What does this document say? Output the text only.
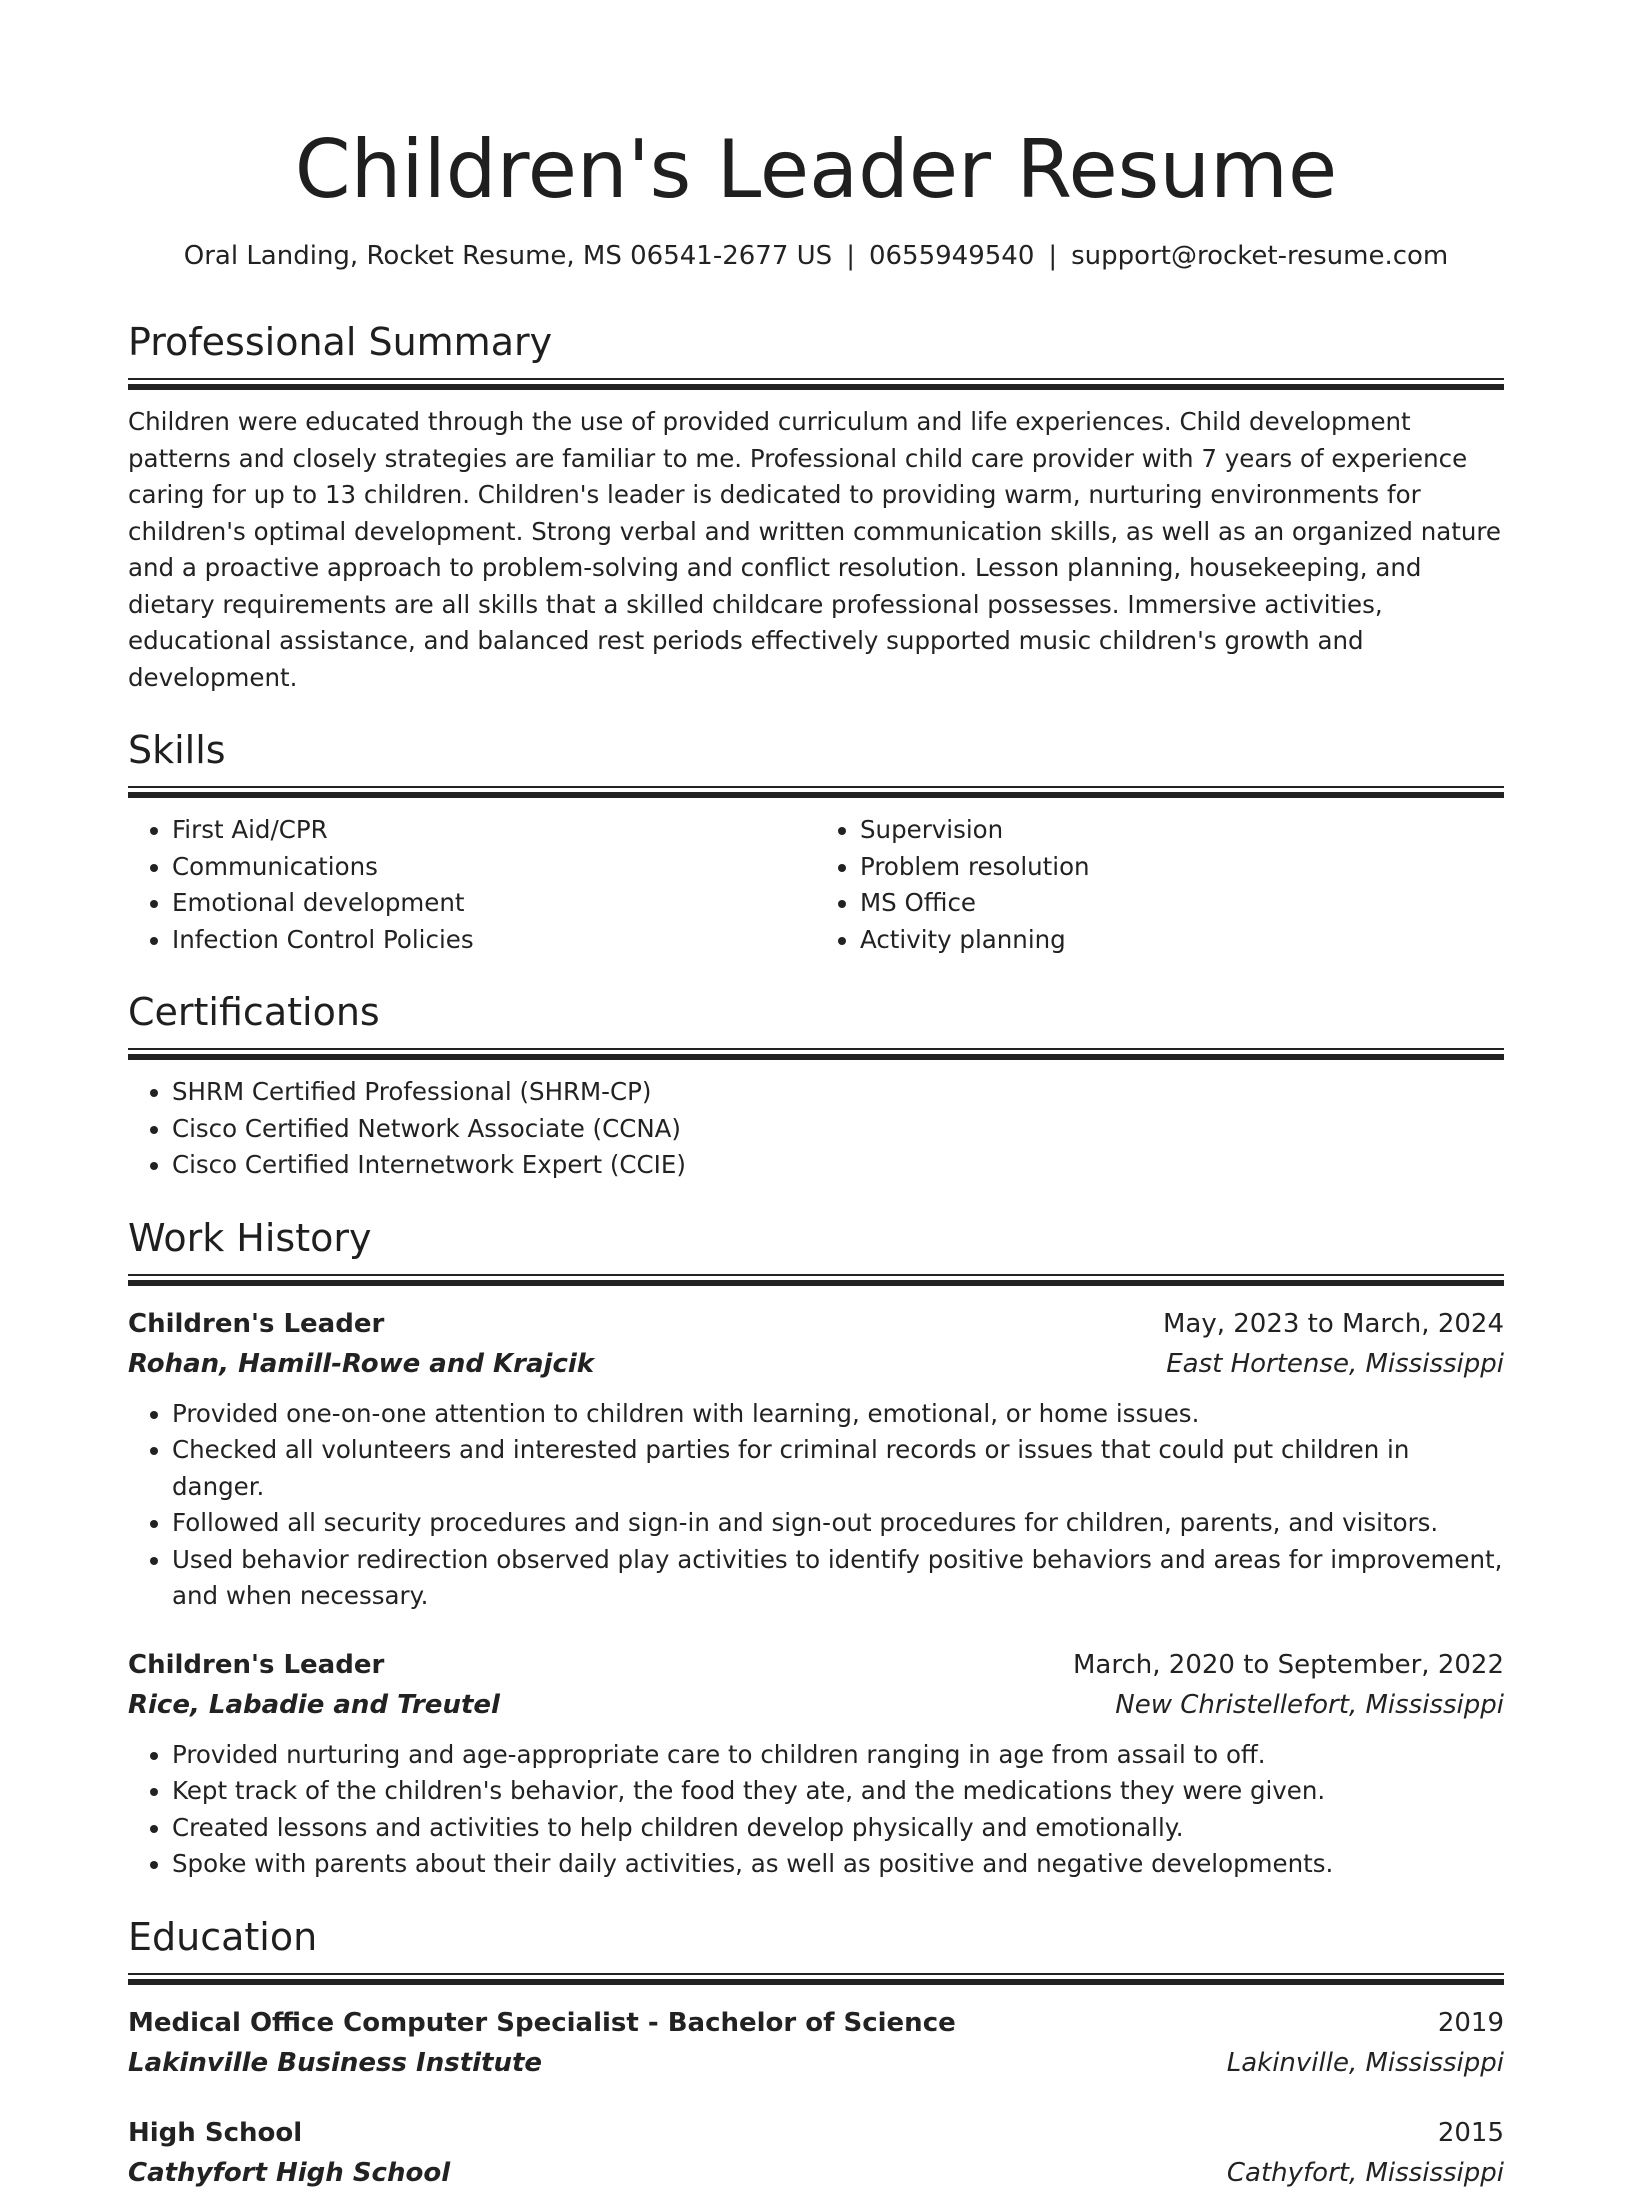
Children's Leader Resume
Oral Landing, Rocket Resume, MS 06541-2677 US | 0655949540 | support@rocket-resume.com
Professional Summary
Children were educated through the use of provided curriculum and life experiences. Child development patterns and closely strategies are familiar to me. Professional child care provider with 7 years of experience caring for up to 13 children. Children's leader is dedicated to providing warm, nurturing environments for children's optimal development. Strong verbal and written communication skills, as well as an organized nature and a proactive approach to problem-solving and conflict resolution. Lesson planning, housekeeping, and dietary requirements are all skills that a skilled childcare professional possesses. Immersive activities, educational assistance, and balanced rest periods effectively supported music children's growth and development.
Skills
• First Aid/CPR
• Communications
• Emotional development
• Infection Control Policies
• Supervision
• Problem resolution
• MS Office
• Activity planning
Certifications
• SHRM Certified Professional (SHRM-CP)
• Cisco Certified Network Associate (CCNA)
• Cisco Certified Internetwork Expert (CCIE)
Work History
Children's Leader	May, 2023 to March, 2024
Rohan, Hamill-Rowe and Krajcik	East Hortense, Mississippi
• Provided one-on-one attention to children with learning, emotional, or home issues.
• Checked all volunteers and interested parties for criminal records or issues that could put children in danger.
• Followed all security procedures and sign-in and sign-out procedures for children, parents, and visitors.
• Used behavior redirection observed play activities to identify positive behaviors and areas for improvement, and when necessary.
Children's Leader	March, 2020 to September, 2022
Rice, Labadie and Treutel	New Christellefort, Mississippi
• Provided nurturing and age-appropriate care to children ranging in age from assail to off.
• Kept track of the children's behavior, the food they ate, and the medications they were given.
• Created lessons and activities to help children develop physically and emotionally.
• Spoke with parents about their daily activities, as well as positive and negative developments.
Education
Medical Office Computer Specialist - Bachelor of Science	2019
Lakinville Business Institute	Lakinville, Mississippi
High School	2015
Cathyfort High School	Cathyfort, Mississippi
